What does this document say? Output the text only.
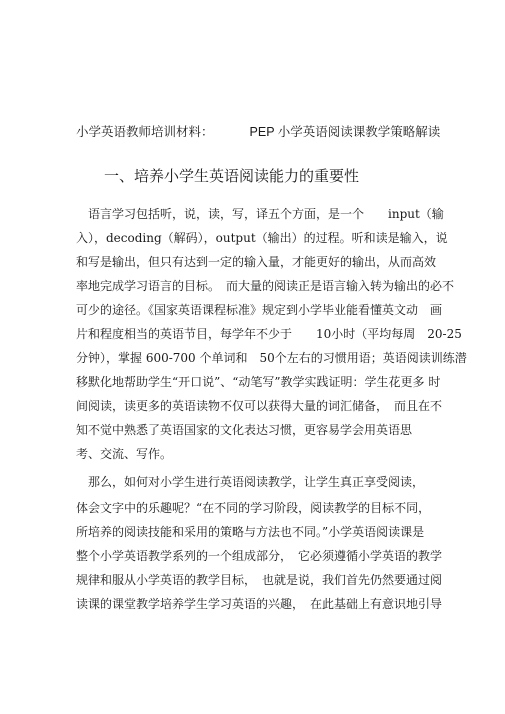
小学英语教师培训材料：	PEP 小学英语阅读课教学策略解读
一、培养小学生英语阅读能力的重要性
语言学习包括听，说，读，写，译五个方面，是一个　　input（输
入），decoding（解码），output（输出）的过程。听和读是输入，说
和写是输出，但只有达到一定的输入量，才能更好的输出，从而高效
率地完成学习语言的目标。　而大量的阅读正是语言输入转为输出的必不
可少的途径。《国家英语课程标准》规定到小学毕业能看懂英文动　画
片和程度相当的英语节目，每学年不少于　　10小时（平均每周　20-25
分钟），掌握 600-700 个单词和　50个左右的习惯用语；英语阅读训练潜
移默化地帮助学生“开口说”、“动笔写”教学实践证明：学生花更多 时
间阅读，读更多的英语读物不仅可以获得大量的词汇储备，　而且在不
知不觉中熟悉了英语国家的文化表达习惯，更容易学会用英语思
考、交流、写作。
那么，如何对小学生进行英语阅读教学，让学生真正享受阅读，
体会文字中的乐趣呢？“在不同的学习阶段，阅读教学的目标不同，
所培养的阅读技能和采用的策略与方法也不同。”小学英语阅读课是
整个小学英语教学系列的一个组成部分，　它必须遵循小学英语的教学
规律和服从小学英语的教学目标，　也就是说，我们首先仍然要通过阅
读课的课堂教学培养学生学习英语的兴趣，　在此基础上有意识地引导
